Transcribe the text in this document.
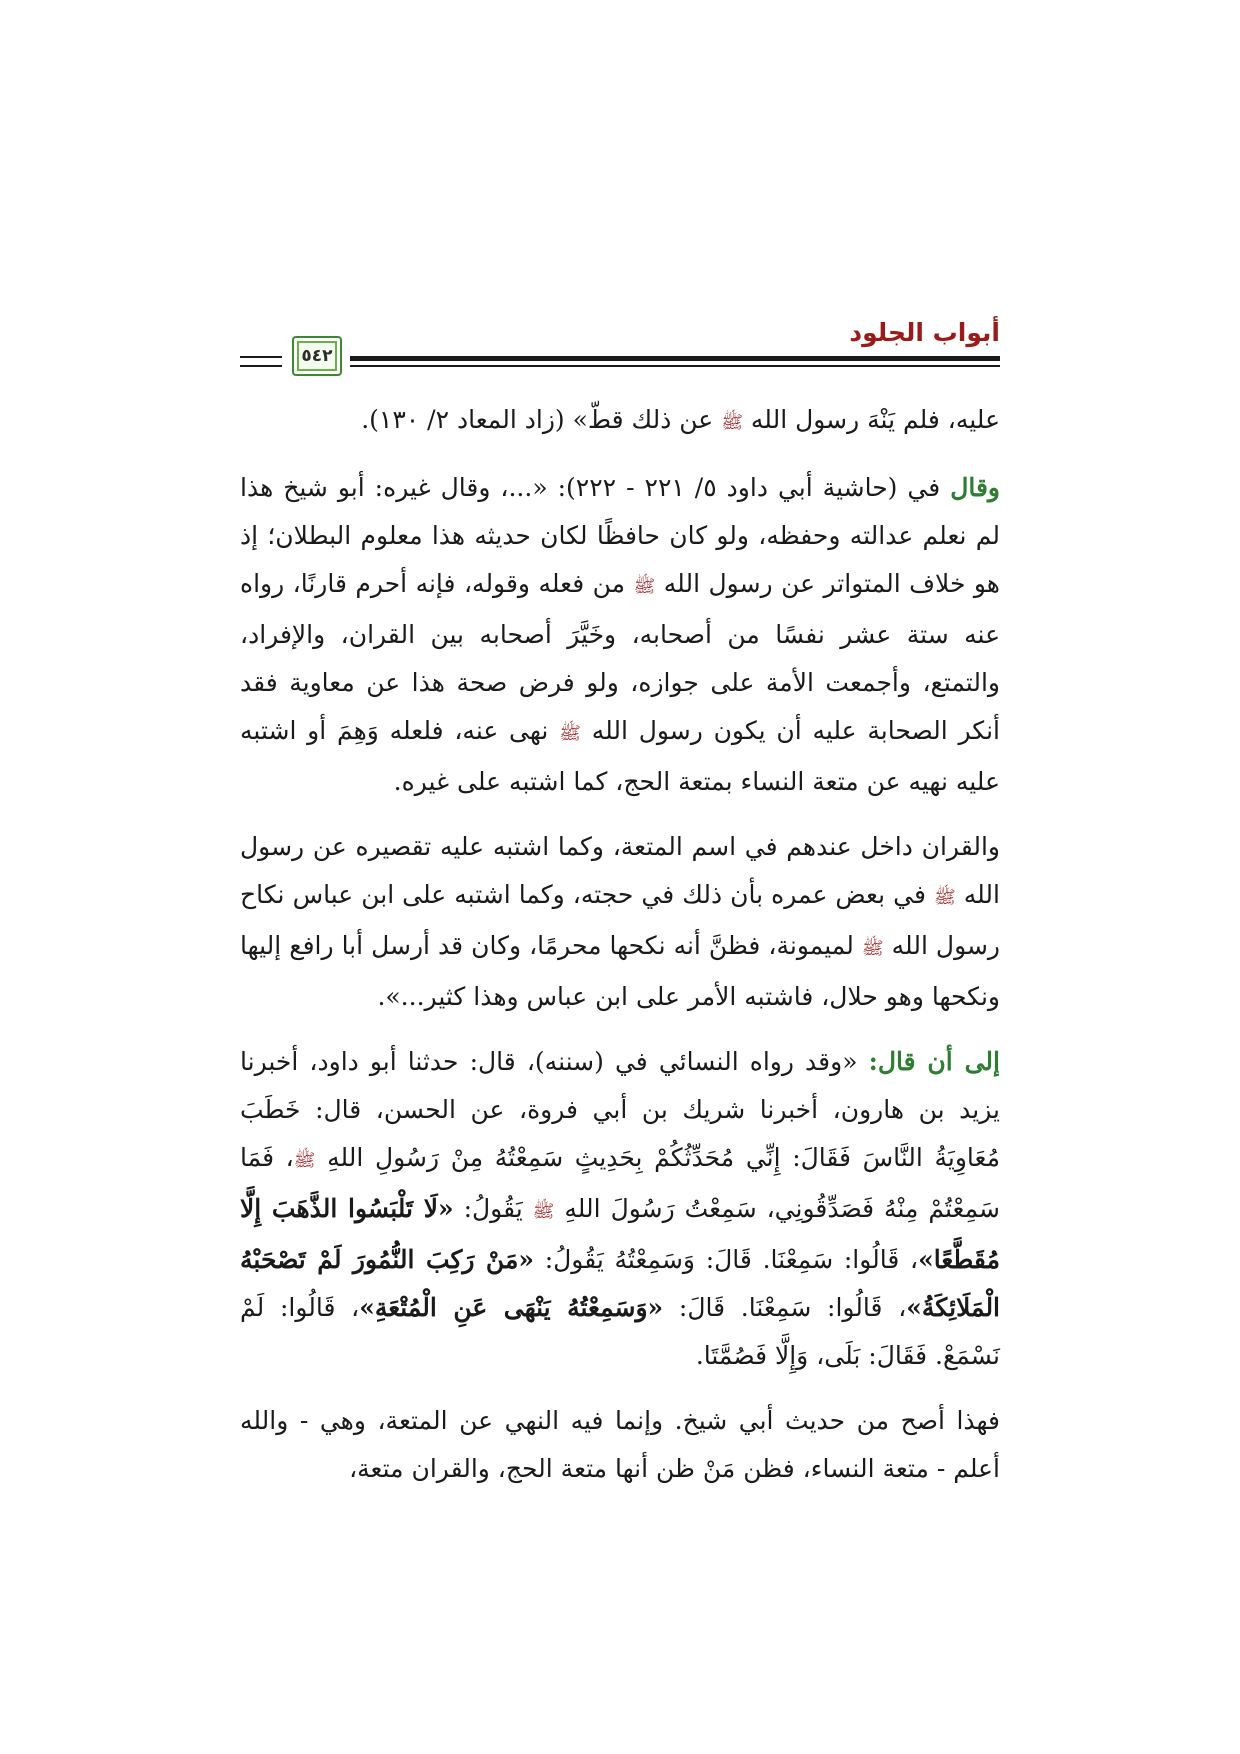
أبواب الجلود
٥٤٢

عليه، فلم يَنْهَ رسول الله ﷺ عن ذلك قطّ» (زاد المعاد ٢/ ١٣٠).

وقال في (حاشية أبي داود ٥/ ٢٢١ - ٢٢٢): «...، وقال غيره: أبو شيخ هذا لم نعلم عدالته وحفظه، ولو كان حافظًا لكان حديثه هذا معلوم البطلان؛ إذ هو خلاف المتواتر عن رسول الله ﷺ من فعله وقوله، فإنه أحرم قارنًا، رواه عنه ستة عشر نفسًا من أصحابه، وخَيَّرَ أصحابه بين القران، والإفراد، والتمتع، وأجمعت الأمة على جوازه، ولو فرض صحة هذا عن معاوية فقد أنكر الصحابة عليه أن يكون رسول الله ﷺ نهى عنه، فلعله وَهِمَ أو اشتبه عليه نهيه عن متعة النساء بمتعة الحج، كما اشتبه على غيره.

والقران داخل عندهم في اسم المتعة، وكما اشتبه عليه تقصيره عن رسول الله ﷺ في بعض عمره بأن ذلك في حجته، وكما اشتبه على ابن عباس نكاح رسول الله ﷺ لميمونة، فظنَّ أنه نكحها محرمًا، وكان قد أرسل أبا رافع إليها ونكحها وهو حلال، فاشتبه الأمر على ابن عباس وهذا كثير...».

إلى أن قال: «وقد رواه النسائي في (سننه)، قال: حدثنا أبو داود، أخبرنا يزيد بن هارون، أخبرنا شريك بن أبي فروة، عن الحسن، قال: خَطَبَ مُعَاوِيَةُ النَّاسَ فَقَالَ: إِنِّي مُحَدِّثُكُمْ بِحَدِيثٍ سَمِعْتُهُ مِنْ رَسُولِ اللهِ ﷺ، فَمَا سَمِعْتُمْ مِنْهُ فَصَدِّقُونِي، سَمِعْتُ رَسُولَ اللهِ ﷺ يَقُولُ: «لَا تَلْبَسُوا الذَّهَبَ إِلَّا مُقَطَّعًا»، قَالُوا: سَمِعْنَا. قَالَ: وَسَمِعْتُهُ يَقُولُ: «مَنْ رَكِبَ النُّمُورَ لَمْ تَصْحَبْهُ الْمَلَائِكَةُ»، قَالُوا: سَمِعْنَا. قَالَ: «وَسَمِعْتُهُ يَنْهَى عَنِ الْمُتْعَةِ»، قَالُوا: لَمْ نَسْمَعْ. فَقَالَ: بَلَى، وَإِلَّا فَصُمَّتَا.

فهذا أصح من حديث أبي شيخ. وإنما فيه النهي عن المتعة، وهي - والله أعلم - متعة النساء، فظن مَنْ ظن أنها متعة الحج، والقران متعة،
